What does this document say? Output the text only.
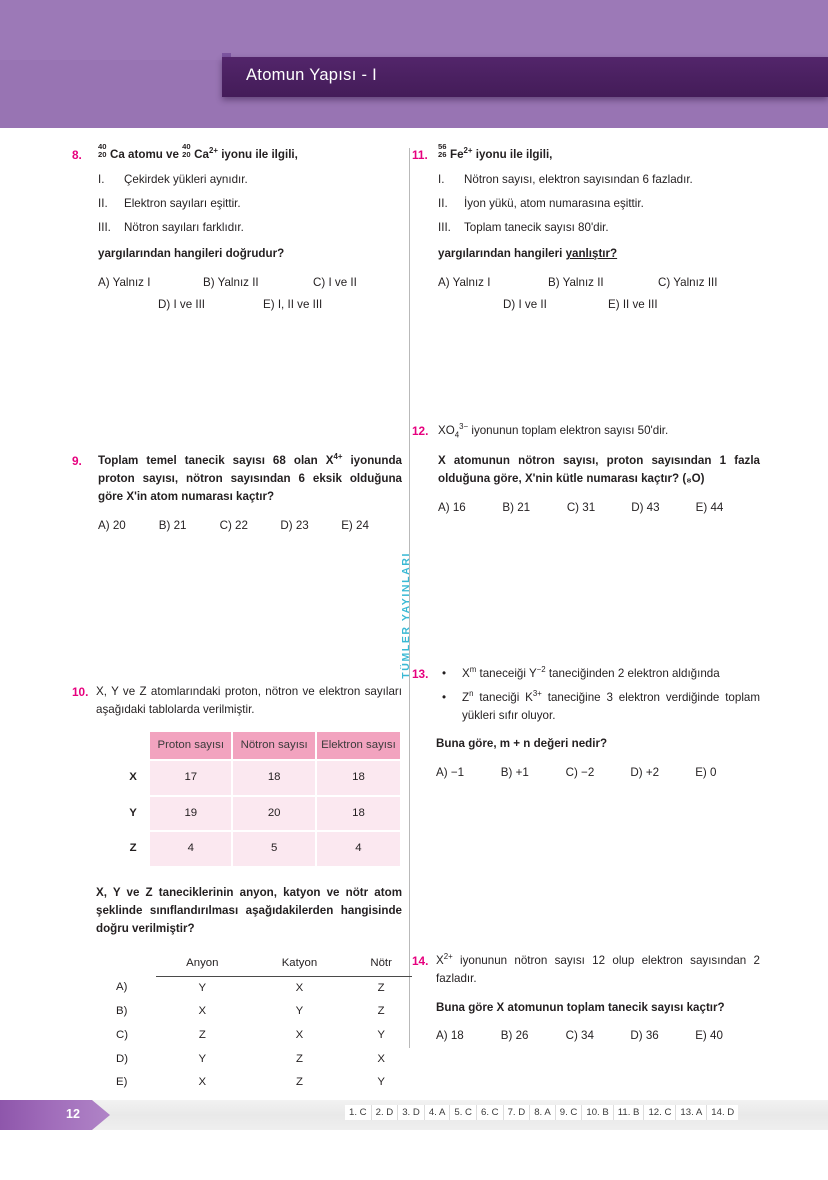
Atomun Yapısı - I
TÜMLER YAYINLARI
8.
40
20 Ca atomu ve
40
20 $Ca^{2+}$ iyonu ile ilgili,
I. Çekirdek yükleri aynıdır.
II. Elektron sayıları eşittir.
III. Nötron sayıları farklıdır.
yargılarından hangileri doğrudur?
A) Yalnız I	B) Yalnız II	C) I ve II
D) I ve III	E) I, II ve III
9. Toplam temel tanecik sayısı 68 olan $X^{4+}$ iyonunda proton sayısı, nötron sayısından 6 eksik olduğuna göre X'in atom numarası kaçtır?
A) 20	B) 21	C) 22	D) 23	E) 24
10. X, Y ve Z atomlarındaki proton, nötron ve elektron sayıları aşağıdaki tablolarda verilmiştir.
	Proton sayısı	Nötron sayısı	Elektron sayısı
X	17	18	18
Y	19	20	18
Z	4	5	4
X, Y ve Z taneciklerinin anyon, katyon ve nötr atom şeklinde sınıflandırılması aşağıdakilerden hangisinde doğru verilmiştir?
	Anyon	Katyon	Nötr
A)	Y	X	Z
B)	X	Y	Z
C)	Z	X	Y
D)	Y	Z	X
E)	X	Z	Y
11.
56
26 $Fe^{2+}$ iyonu ile ilgili,
I. Nötron sayısı, elektron sayısından 6 fazladır.
II. İyon yükü, atom numarasına eşittir.
III. Toplam tanecik sayısı 80'dir.
yargılarından hangileri yanlıştır?
A) Yalnız I	B) Yalnız II	C) Yalnız III
D) I ve II	E) II ve III
12. $XO_4^{3-}$ iyonunun toplam elektron sayısı 50'dir.
X atomunun nötron sayısı, proton sayısından 1 fazla olduğuna göre, X'nin kütle numarası kaçtır? (₈O)
A) 16	B) 21	C) 31	D) 43	E) 44
13. • $X^m$ taneceiği $Y^{-2}$ taneciğinden 2 elektron aldığında
• $Z^n$ taneciği $K^{3+}$ taneciğine 3 elektron verdiğinde toplam yükleri sıfır oluyor.
Buna göre, m + n değeri nedir?
A) −1	B) +1	C) −2	D) +2	E) 0
14. $X^{2+}$ iyonunun nötron sayısı 12 olup elektron sayısından 2 fazladır.
Buna göre X atomunun toplam tanecik sayısı kaçtır?
A) 18	B) 26	C) 34	D) 36	E) 40
12	1. C 2. D 3. D 4. A 5. C 6. C 7. D 8. A 9. C 10. B 11. B 12. C 13. A 14. D
